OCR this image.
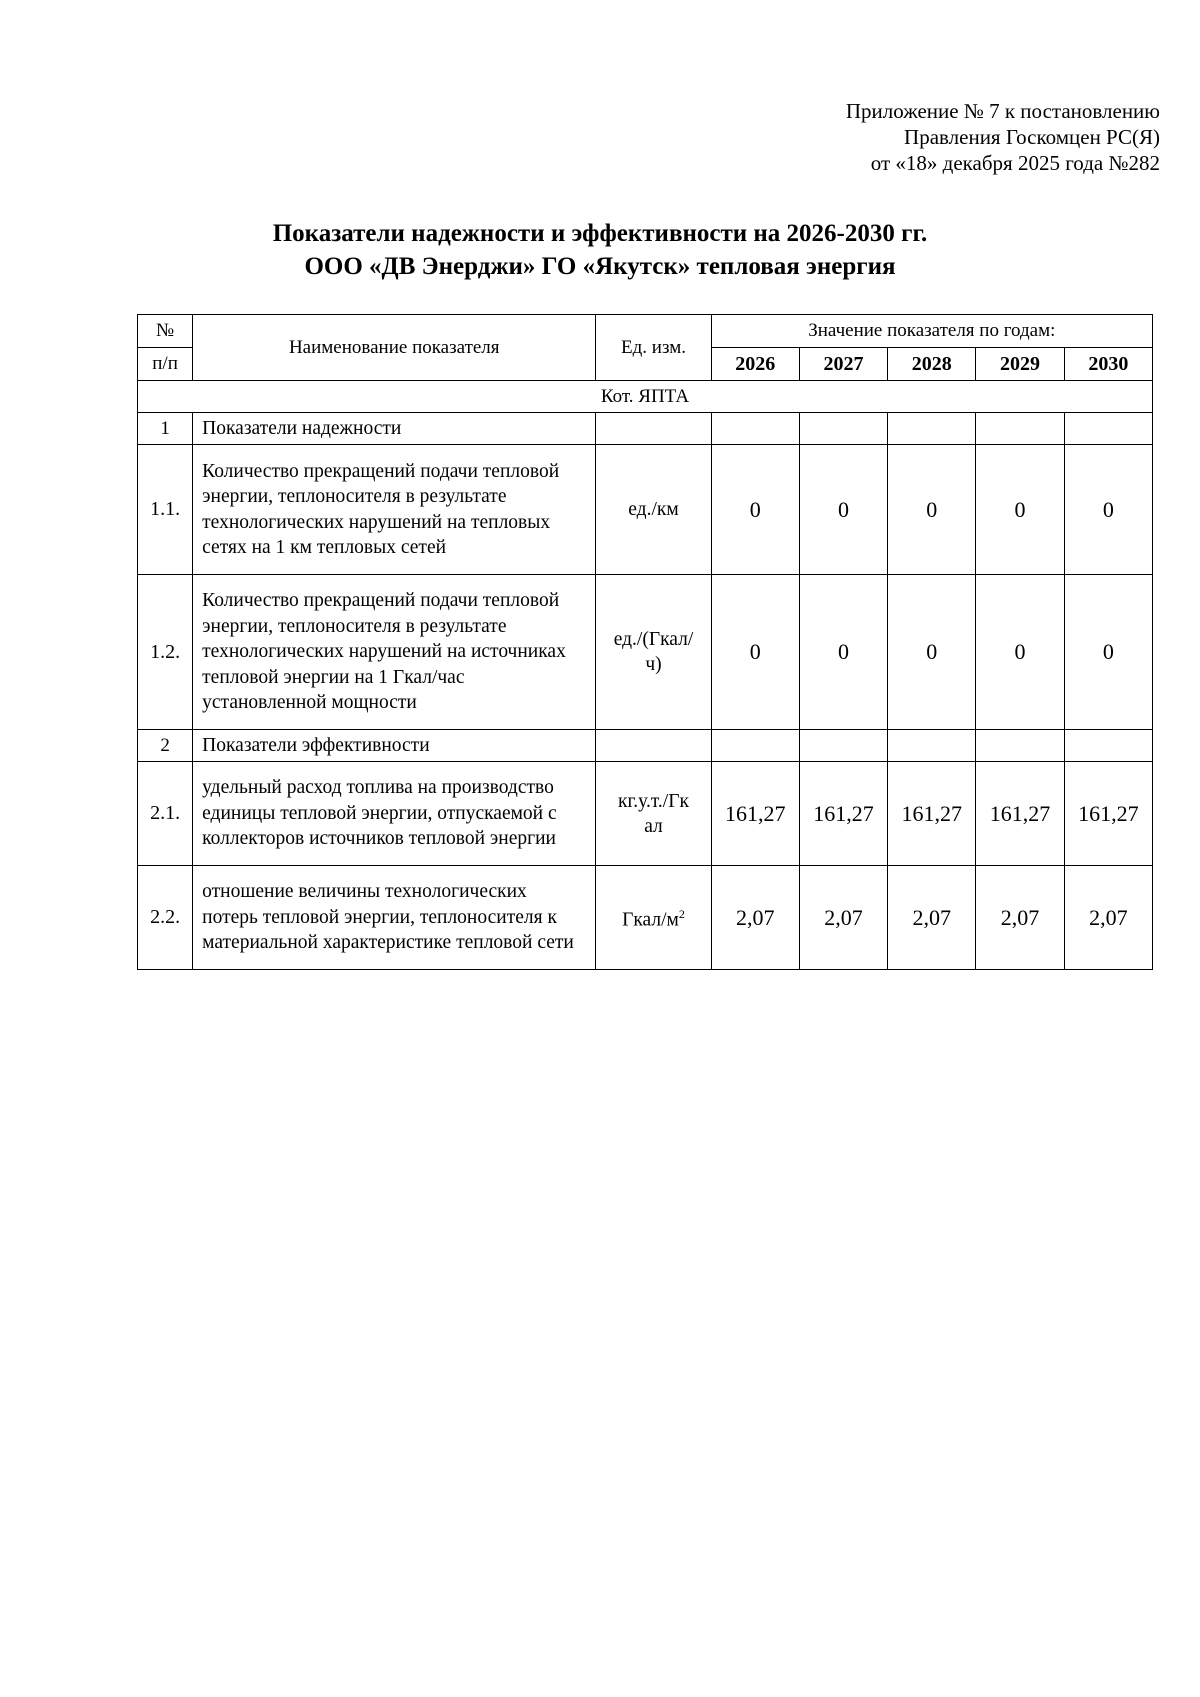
Приложение № 7 к постановлению
Правления Госкомцен РС(Я)
от «18» декабря 2025 года №282
Показатели надежности и эффективности на 2026-2030 гг.
ООО «ДВ Энерджи» ГО «Якутск» тепловая энергия
№	Наименование показателя	Ед. изм.	Значение показателя по годам:				
п/п			2026	2027	2028	2029	2030
Кот. ЯПТА							
1	Показатели надежности						
1.1.	Количество прекращений подачи тепловой энергии, теплоносителя в результате технологических нарушений на тепловых сетях на 1 км тепловых сетей	ед./км	0	0	0	0	0
1.2.	Количество прекращений подачи тепловой энергии, теплоносителя в результате технологических нарушений на источниках тепловой энергии на 1 Гкал/час установленной мощности	ед./(Гкал/
ч)	0	0	0	0	0
2	Показатели эффективности						
2.1.	удельный расход топлива на производство единицы тепловой энергии, отпускаемой с коллекторов источников тепловой энергии	кг.у.т./Гк
ал	161,27	161,27	161,27	161,27	161,27
2.2.	отношение величины технологических потерь тепловой энергии, теплоносителя к материальной характеристике тепловой сети	Гкал/$м^2$	2,07	2,07	2,07	2,07	2,07
